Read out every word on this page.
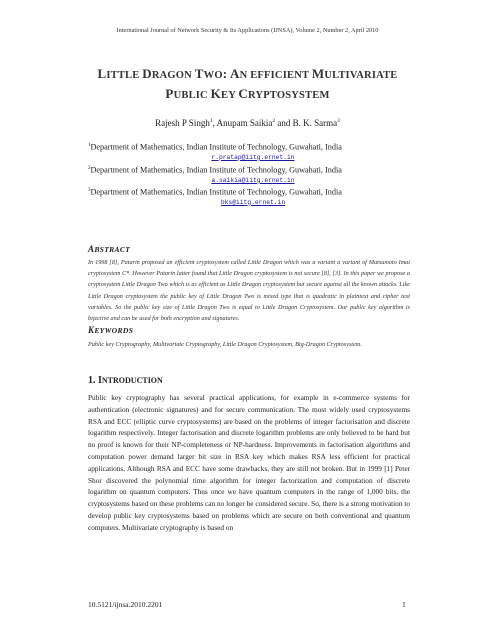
International Journal of Network Security & Its Applications (IJNSA), Volume 2, Number 2, April 2010
LITTLE DRAGON TWO: AN EFFICIENT MULTIVARIATE
PUBLIC KEY CRYPTOSYSTEM
Rajesh P Singh$^1$, Anupam Saikia$^2$ and B. K. Sarma$^3$
$^1$Department of Mathematics, Indian Institute of Technology, Guwahati, India
r.pratap@iitg.ernet.in
$^2$Department of Mathematics, Indian Institute of Technology, Guwahati, India
a.saikia@iitg.ernet.in
$^3$Department of Mathematics, Indian Institute of Technology, Guwahati, India
bks@iitg.ernet.in
ABSTRACT
In 1998 [8], Patarin proposed an efficient cryptosystem called Little Dragon which was a variant a variant of Matsumoto Imai cryptosystem C*. However Patarin latter found that Little Dragon cryptosystem is not secure [8], [3]. In this paper we propose a cryptosystem Little Dragon Two which is as efficient as Little Dragon cryptosystem but secure against all the known attacks. Like Little Dragon cryptosystem the public key of Little Dragon Two is mixed type that is quadratic in plaintext and cipher text variables. So the public key size of Little Dragon Two is equal to Little Dragon Cryptosystem. Our public key algorithm is bijective and can be used for both encryption and signatures.
KEYWORDS
Public key Cryptography, Multivariate Cryptography, Little Dragon Cryptosystem, Big-Dragon Cryptosystem.
1. INTRODUCTION
Public key cryptography has several practical applications, for example in e-commerce systems for authentication (electronic signatures) and for secure communication. The most widely used cryptosystems RSA and ECC (elliptic curve cryptosystems) are based on the problems of integer factorisation and discrete logarithm respectively. Integer factorisation and discrete logarithm problems are only believed to be hard but no proof is known for their NP-completeness or NP-hardness. Improvements in factorisation algorithms and computation power demand larger bit size in RSA key which makes RSA less efficient for practical applications. Although RSA and ECC have some drawbacks, they are still not broken. But in 1999 [1] Peter Shor discovered the polynomial time algorithm for integer factorization and computation of discrete logarithm on quantum computers. Thus once we have quantum computers in the range of 1,000 bits, the cryptosystems based on these problems can no longer be considered secure. So, there is a strong motivation to develop public key cryptosystems based on problems which are secure on both conventional and quantum computers. Multivariate cryptography is based on
10.5121/ijnsa.2010.2201	1
